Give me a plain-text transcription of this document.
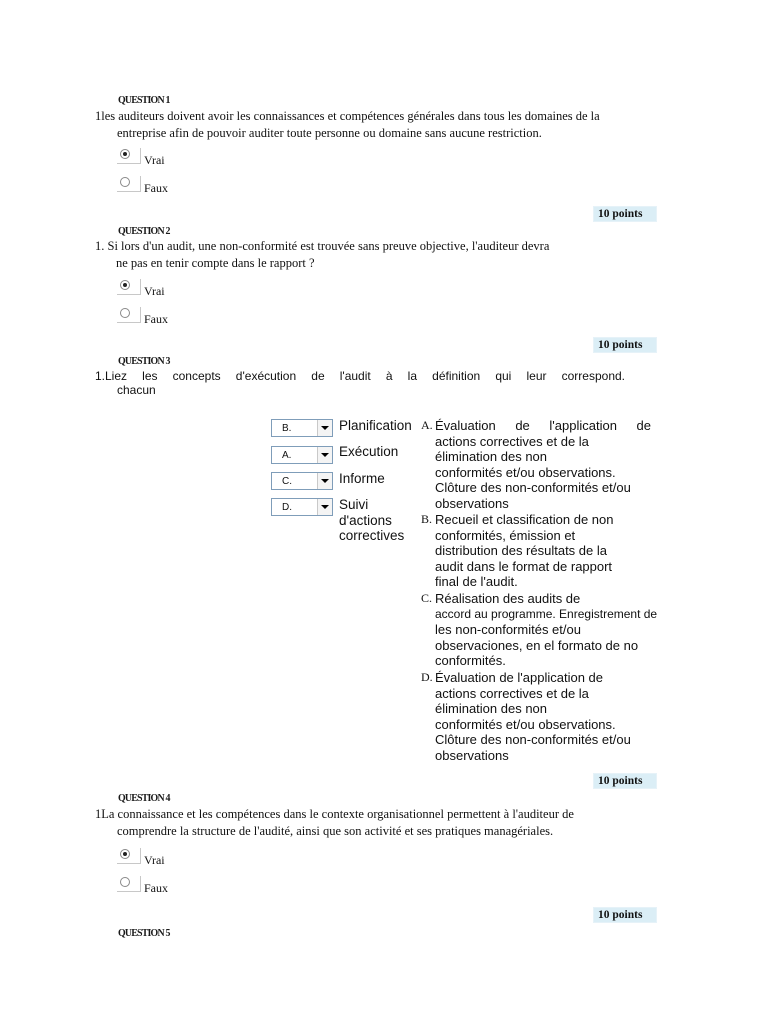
QUESTION 1
1les auditeurs doivent avoir les connaissances et compétences générales dans tous les domaines de la
entreprise afin de pouvoir auditer toute personne ou domaine sans aucune restriction.
Vrai
Faux
10 points
QUESTION 2
1. Si lors d'un audit, une non-conformité est trouvée sans preuve objective, l'auditeur devra
ne pas en tenir compte dans le rapport ?
Vrai
Faux
10 points
QUESTION 3
1.Liez les concepts d'exécution de l'audit à la définition qui leur correspond.
chacun
B.
A.
C.
D.
Planification
Exécution
Informe
Suivi
d'actions
correctives
A. Évaluation de l'application de
actions correctives et de la
élimination des non
conformités et/ou observations.
Clôture des non-conformités et/ou
observations
B. Recueil et classification de non
conformités, émission et
distribution des résultats de la
audit dans le format de rapport
final de l'audit.
C. Réalisation des audits de
accord au programme. Enregistrement de
les non-conformités et/ou
observaciones, en el formato de no
conformités.
D. Évaluation de l'application de
actions correctives et de la
élimination des non
conformités et/ou observations.
Clôture des non-conformités et/ou
observations
10 points
QUESTION 4
1La connaissance et les compétences dans le contexte organisationnel permettent à l'auditeur de
comprendre la structure de l'audité, ainsi que son activité et ses pratiques managériales.
Vrai
Faux
10 points
QUESTION 5
